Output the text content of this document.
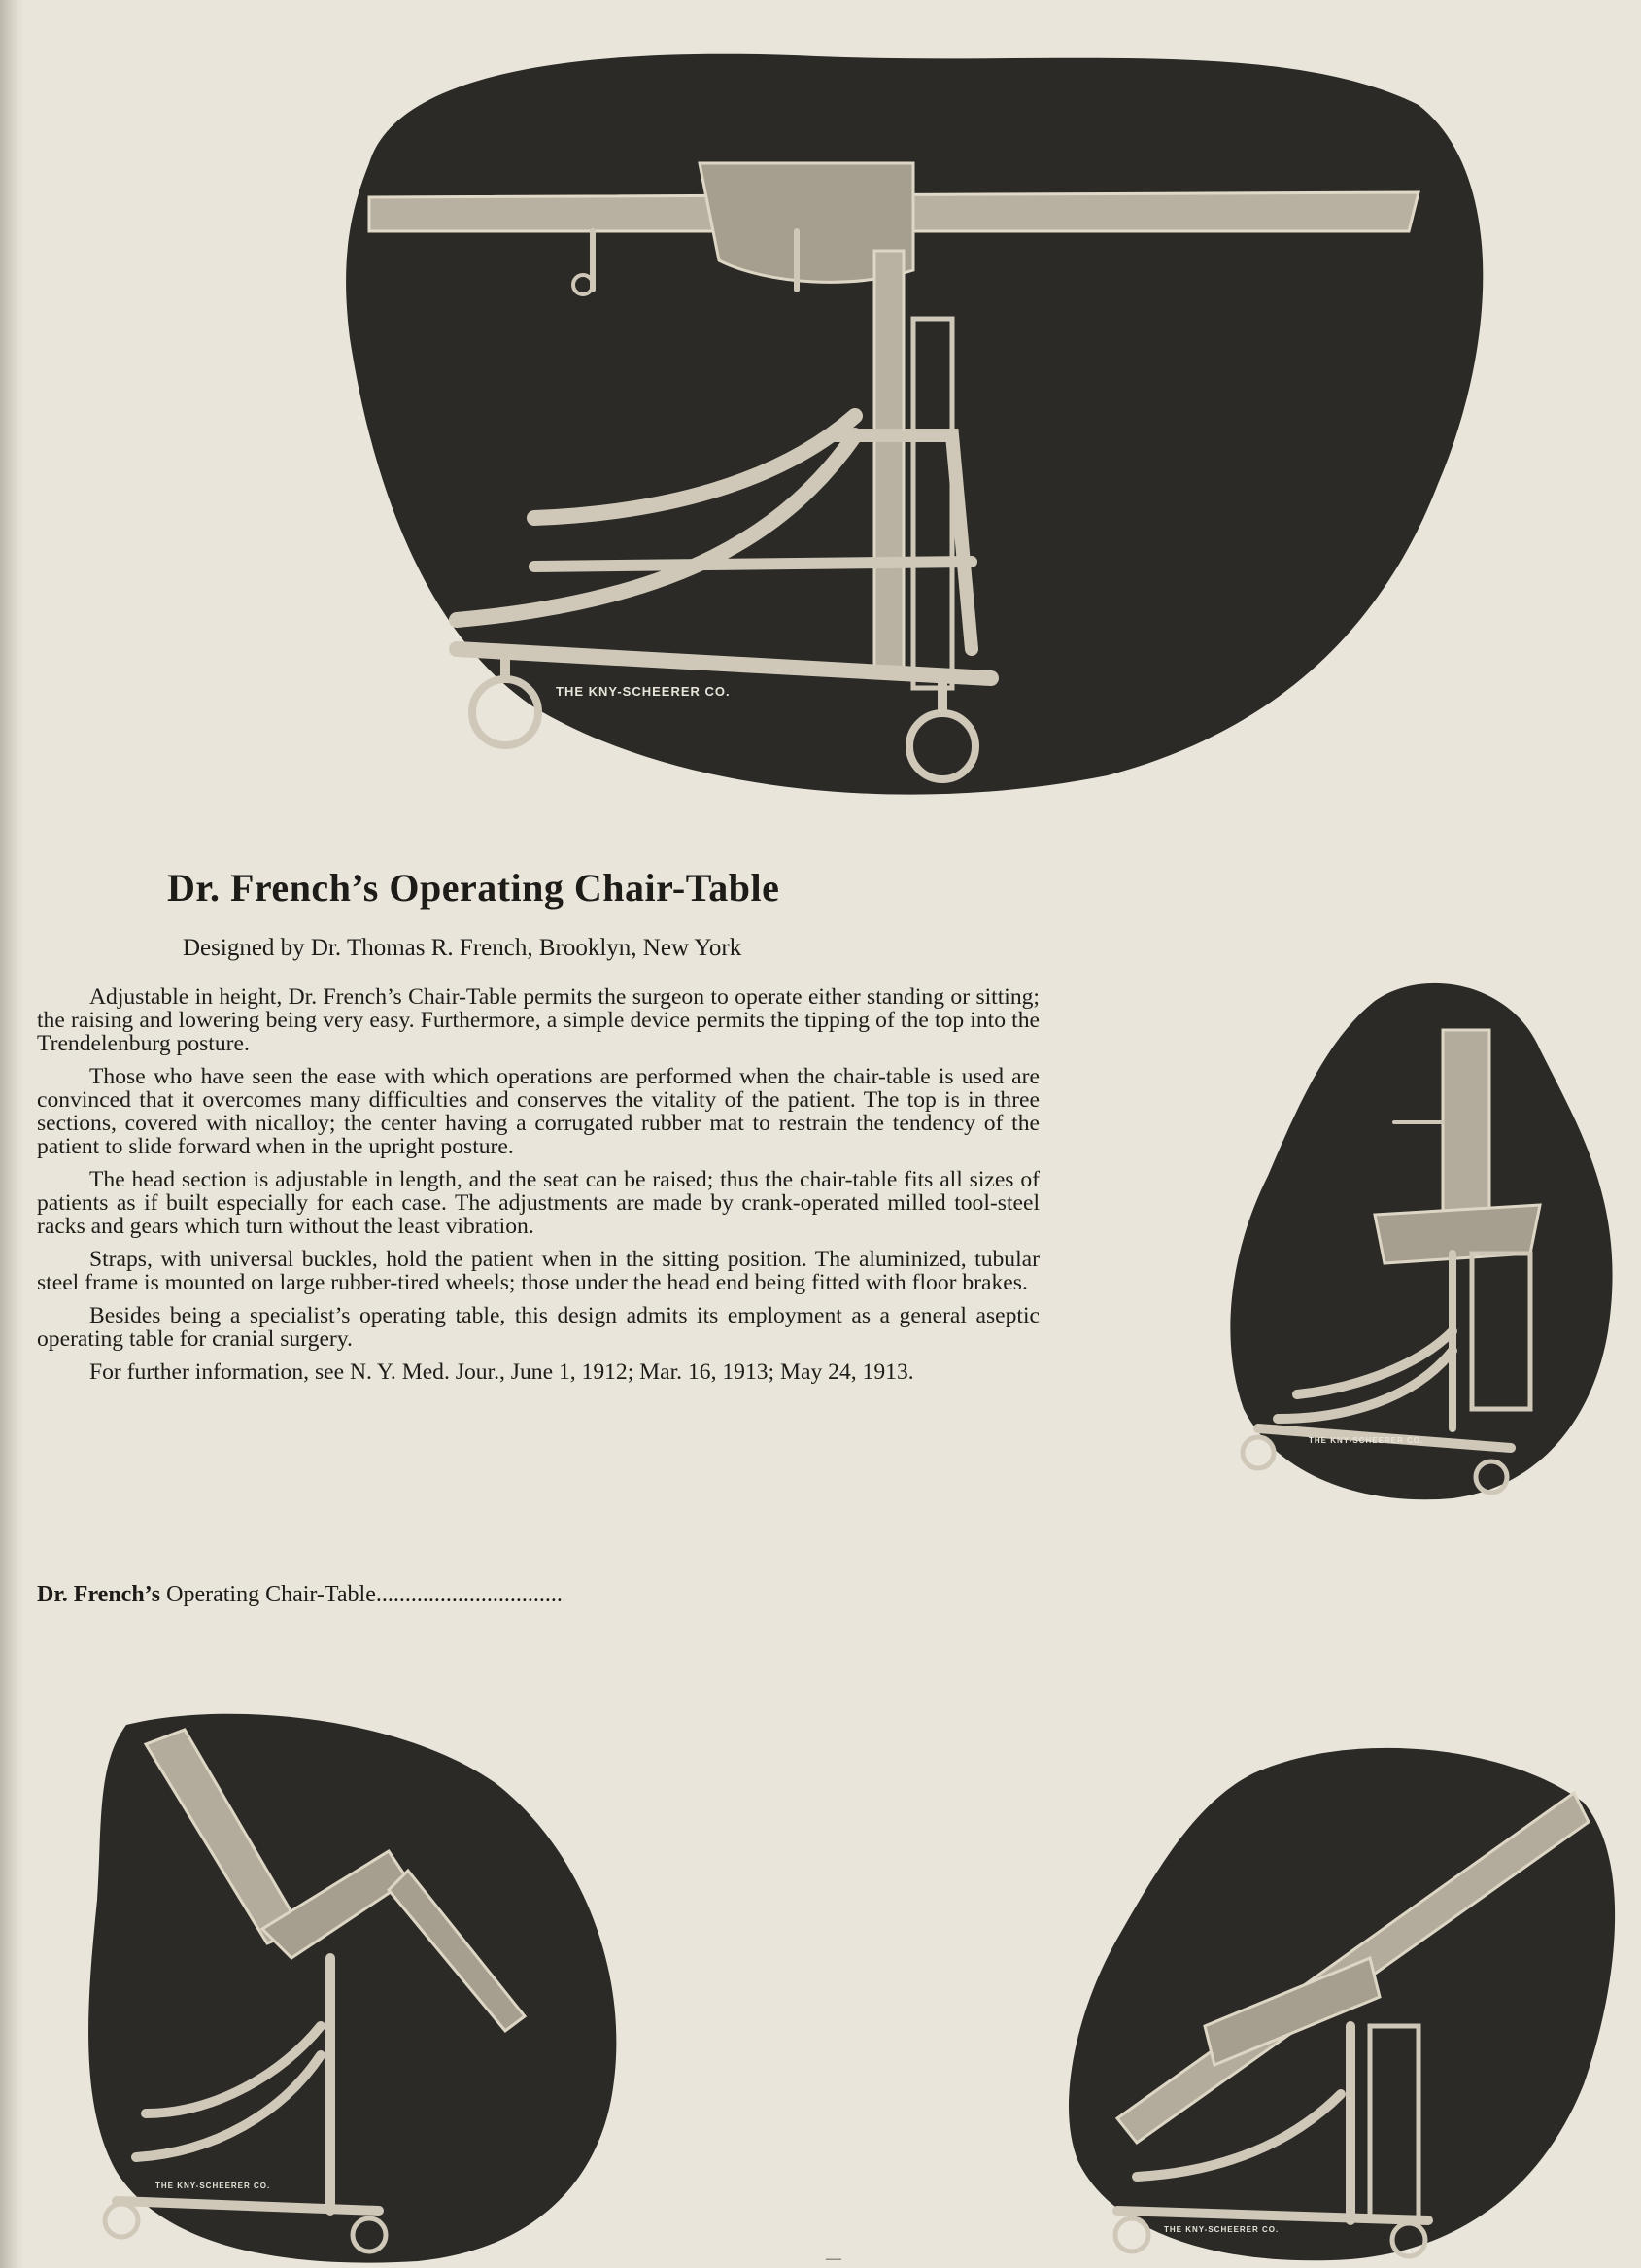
THE KNY-SCHEERER CO.
THE KNY-SCHEERER CO.
THE KNY-SCHEERER CO.
THE KNY-SCHEERER CO.
Dr. French’s Operating Chair-Table
Designed by Dr. Thomas R. French, Brooklyn, New York

Adjustable in height, Dr. French’s Chair-Table permits the surgeon to operate either standing or sitting; the raising and lowering being very easy. Furthermore, a simple device permits the tipping of the top into the Trendelenburg posture.

Those who have seen the ease with which operations are performed when the chair-table is used are convinced that it overcomes many difficulties and conserves the vitality of the patient. The top is in three sections, covered with nicalloy; the center having a corrugated rubber mat to restrain the tendency of the patient to slide forward when in the upright posture.

The head section is adjustable in length, and the seat can be raised; thus the chair-table fits all sizes of patients as if built especially for each case. The adjustments are made by crank-operated milled tool-steel racks and gears which turn without the least vibration.

Straps, with universal buckles, hold the patient when in the sitting position. The aluminized, tubular steel frame is mounted on large rubber-tired wheels; those under the head end being fitted with floor brakes.

Besides being a specialist’s operating table, this design admits its employment as a general aseptic operating table for cranial surgery.

For further information, see N. Y. Med. Jour., June 1, 1912; Mar. 16, 1913; May 24, 1913.

Dr. French’s Operating Chair-Table................................
—
